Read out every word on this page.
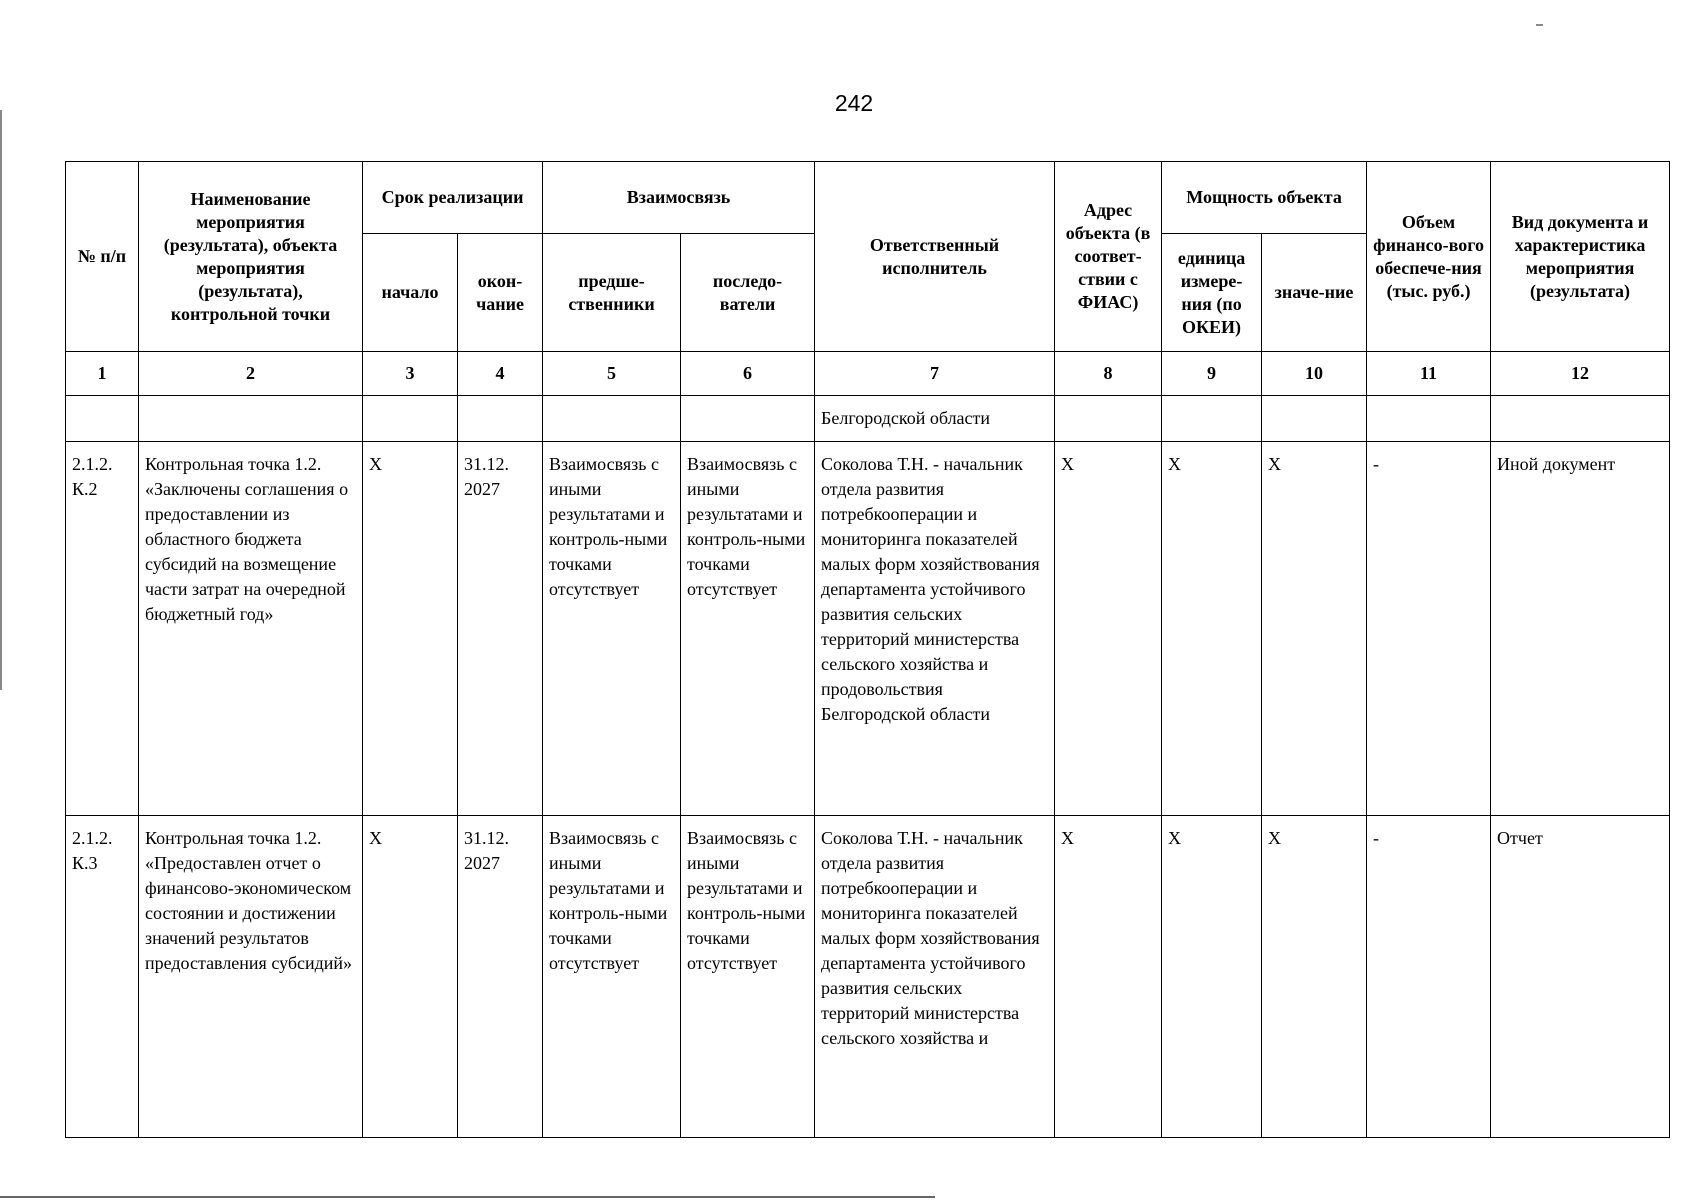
242
№ п/п	Наименование мероприятия (результата), объекта мероприятия (результата), контрольной точки	Срок реализации		Взаимосвязь		Ответственный исполнитель	Адрес объекта (в соответ-ствии с ФИАС)	Мощность объекта		Объем финансо-вого обеспече-ния (тыс. руб.)	Вид документа и характеристика мероприятия (результата)
		начало	окон-чание	предше-ственники	последо-ватели			единица измере-ния (по ОКЕИ)	значе-ние		
1	2	3	4	5	6	7	8	9	10	11	12
						Белгородской области					
2.1.2. К.2	Контрольная точка 1.2. «Заключены соглашения о предоставлении из областного бюджета субсидий на возмещение части затрат на очередной бюджетный год»	Х	31.12. 2027	Взаимосвязь с иными результатами и контроль-ными точками отсутствует	Взаимосвязь с иными результатами и контроль-ными точками отсутствует	Соколова Т.Н. - начальник отдела развития потребкооперации и мониторинга показателей малых форм хозяйствования департамента устойчивого развития сельских территорий министерства сельского хозяйства и продовольствия Белгородской области	Х	Х	Х	-	Иной документ
2.1.2. К.3	Контрольная точка 1.2. «Предоставлен отчет о финансово-экономическом состоянии и достижении значений результатов предоставления субсидий»	Х	31.12. 2027	Взаимосвязь с иными результатами и контроль-ными точками отсутствует	Взаимосвязь с иными результатами и контроль-ными точками отсутствует	Соколова Т.Н. - начальник отдела развития потребкооперации и мониторинга показателей малых форм хозяйствования департамента устойчивого развития сельских территорий министерства сельского хозяйства и	Х	Х	Х	-	Отчет
